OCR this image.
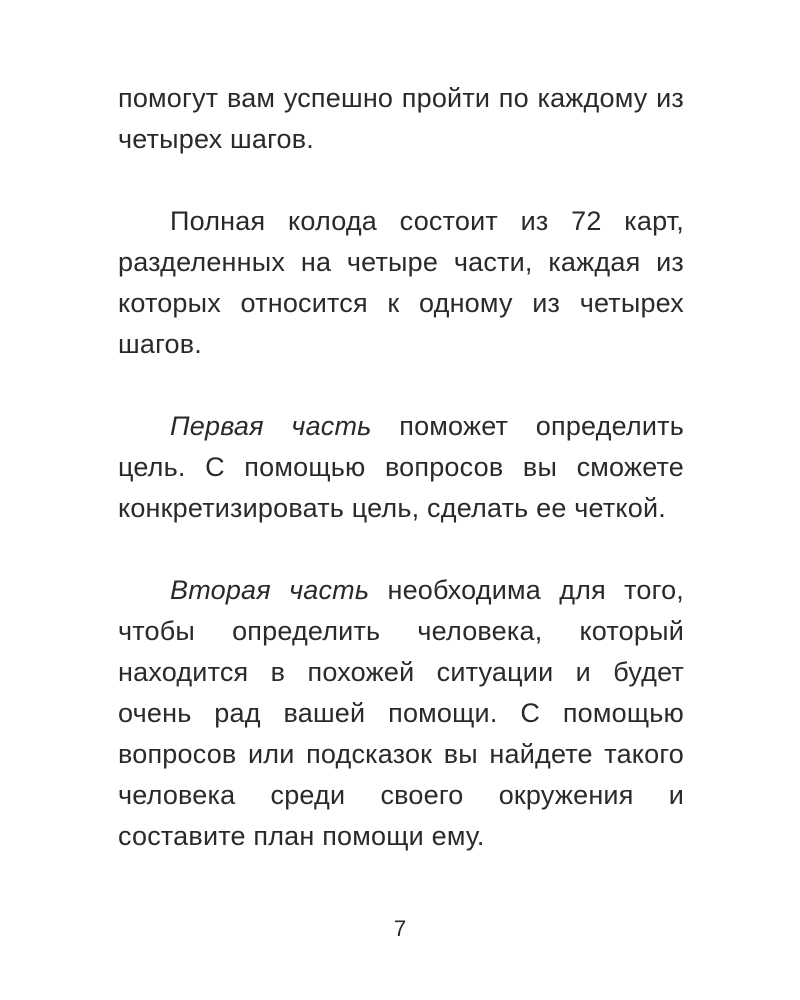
помогут вам успешно пройти по каждому из четырех шагов.

Полная колода состоит из 72 карт, разделенных на четыре части, каждая из которых относится к одному из четырех шагов.

Первая часть поможет определить цель. С помощью вопросов вы сможете конкретизировать цель, сделать ее четкой.

Вторая часть необходима для того, чтобы определить человека, который находится в похожей ситуации и будет очень рад вашей помощи. С помощью вопросов или подсказок вы найдете такого человека среди своего окружения и составите план помощи ему.

7
